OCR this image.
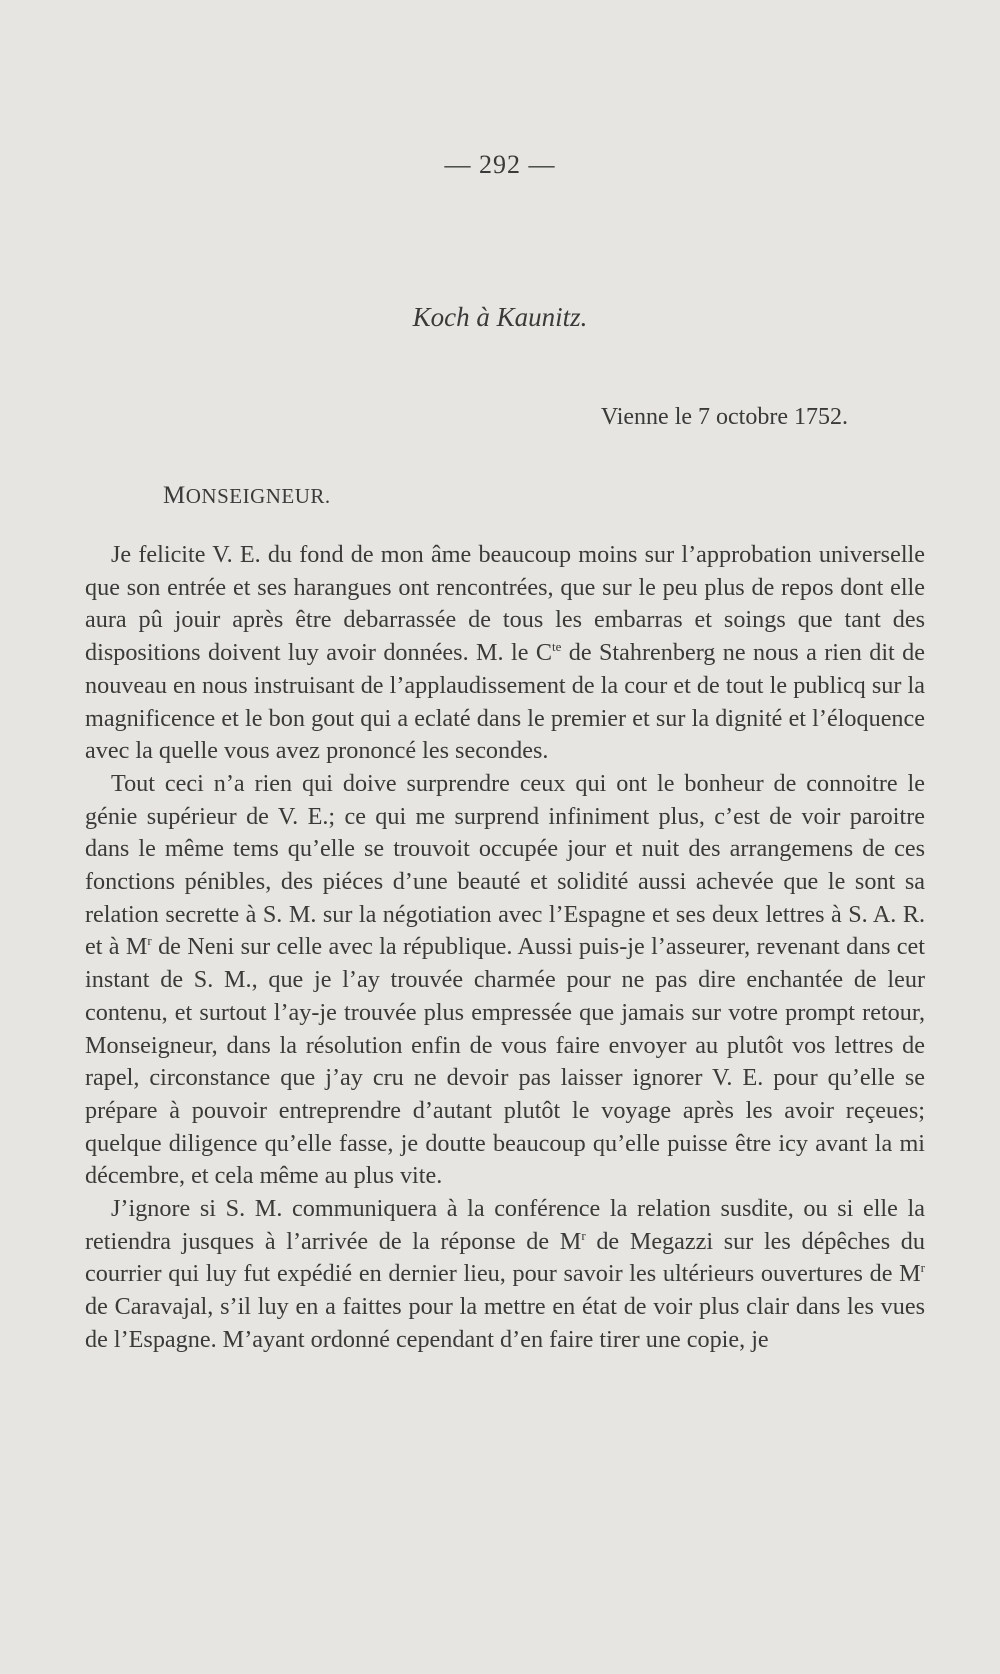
— 292 —
Koch à Kaunitz.
Vienne le 7 octobre 1752.
MONSEIGNEUR.

Je felicite V. E. du fond de mon âme beaucoup moins sur l’approbation universelle que son entrée et ses harangues ont rencontrées, que sur le peu plus de repos dont elle aura pû jouir après être debarrassée de tous les embarras et soings que tant des dispositions doivent luy avoir données. M. le $C^{te}$ de Stahrenberg ne nous a rien dit de nouveau en nous instruisant de l’applaudissement de la cour et de tout le publicq sur la magnificence et le bon gout qui a eclaté dans le premier et sur la dignité et l’éloquence avec la quelle vous avez prononcé les secondes.

Tout ceci n’a rien qui doive surprendre ceux qui ont le bonheur de connoitre le génie supérieur de V. E.; ce qui me surprend infiniment plus, c’est de voir paroitre dans le même tems qu’elle se trouvoit occupée jour et nuit des arrangemens de ces fonctions pénibles, des piéces d’une beauté et solidité aussi achevée que le sont sa relation secrette à S. M. sur la négotiation avec l’Espagne et ses deux lettres à S. A. R. et à $M^r$ de Neni sur celle avec la république. Aussi puis-je l’asseurer, revenant dans cet instant de S. M., que je l’ay trouvée charmée pour ne pas dire enchantée de leur contenu, et surtout l’ay-je trouvée plus empressée que jamais sur votre prompt retour, Monseigneur, dans la résolution enfin de vous faire envoyer au plutôt vos lettres de rapel, circonstance que j’ay cru ne devoir pas laisser ignorer V. E. pour qu’elle se prépare à pouvoir entreprendre d’autant plutôt le voyage après les avoir reçeues; quelque diligence qu’elle fasse, je doutte beaucoup qu’elle puisse être icy avant la mi décembre, et cela même au plus vite.

J’ignore si S. M. communiquera à la conférence la relation susdite, ou si elle la retiendra jusques à l’arrivée de la réponse de $M^r$ de Megazzi sur les dépêches du courrier qui luy fut expédié en dernier lieu, pour savoir les ultérieurs ouvertures de $M^r$ de Caravajal, s’il luy en a faittes pour la mettre en état de voir plus clair dans les vues de l’Espagne. M’ayant ordonné cependant d’en faire tirer une copie, je
